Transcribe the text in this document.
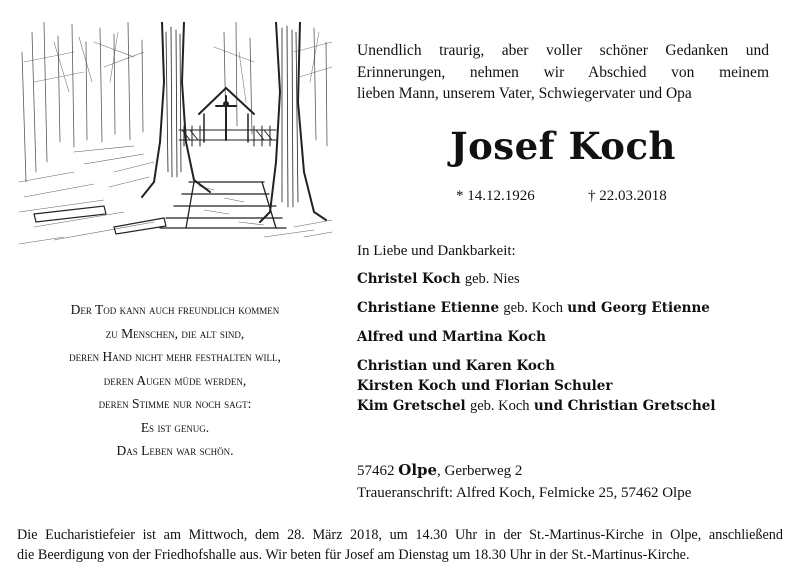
Unendlich traurig, aber voller schöner Gedanken und
Erinnerungen, nehmen wir Abschied von meinem
lieben Mann, unserem Vater, Schwiegervater und Opa
Josef Koch
* 14.12.1926	† 22.03.2018
Der Tod kann auch freundlich kommen
zu Menschen, die alt sind,
deren Hand nicht mehr festhalten will,
deren Augen müde werden,
deren Stimme nur noch sagt:
Es ist genug.
Das Leben war schön.
In Liebe und Dankbarkeit:
Christel Koch geb. Nies
Christiane Etienne geb. Koch und Georg Etienne
Alfred und Martina Koch
Christian und Karen Koch
Kirsten Koch und Florian Schuler
Kim Gretschel geb. Koch und Christian Gretschel
57462 Olpe, Gerberweg 2
Traueranschrift: Alfred Koch, Felmicke 25, 57462 Olpe
Die Eucharistiefeier ist am Mittwoch, dem 28. März 2018, um 14.30 Uhr in der St.-Martinus-Kirche in Olpe, anschließend
die Beerdigung von der Friedhofshalle aus. Wir beten für Josef am Dienstag um 18.30 Uhr in der St.-Martinus-Kirche.
